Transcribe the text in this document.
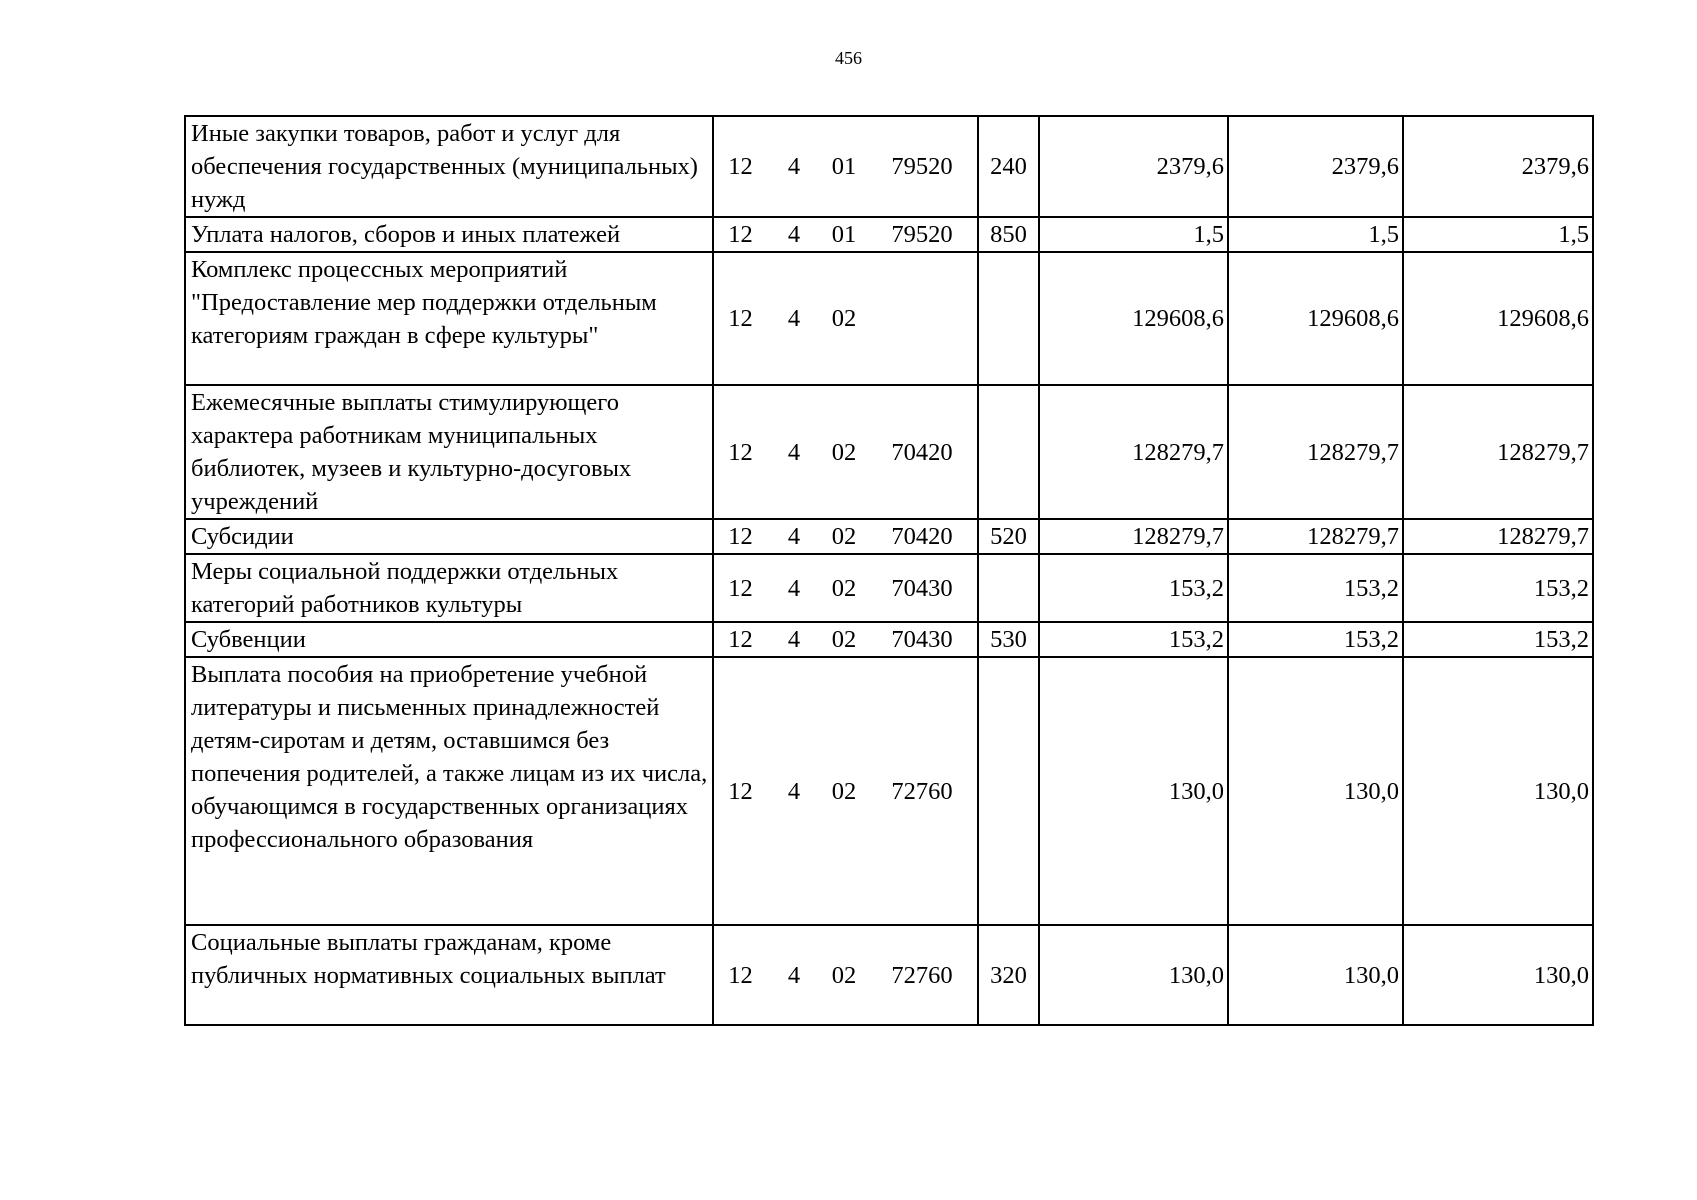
456
Иные закупки товаров, работ и услуг для обеспечения государственных (муниципальных) нужд	12	4	01	79520	240	2379,6	2379,6	2379,6
Уплата налогов, сборов и иных платежей	12	4	01	79520	850	1,5	1,5	1,5
Комплекс процессных мероприятий "Предоставление мер поддержки отдельным категориям граждан в сфере культуры"	12	4	02			129608,6	129608,6	129608,6
Ежемесячные выплаты стимулирующего характера работникам муниципальных библиотек, музеев и культурно-досуговых учреждений	12	4	02	70420		128279,7	128279,7	128279,7
Субсидии	12	4	02	70420	520	128279,7	128279,7	128279,7
Меры социальной поддержки отдельных категорий работников культуры	12	4	02	70430		153,2	153,2	153,2
Субвенции	12	4	02	70430	530	153,2	153,2	153,2
Выплата пособия на приобретение учебной литературы и письменных принадлежностей детям-сиротам и детям, оставшимся без попечения родителей, а также лицам из их числа, обучающимся в государственных организациях профессионального образования	12	4	02	72760		130,0	130,0	130,0
Социальные выплаты гражданам, кроме публичных нормативных социальных выплат	12	4	02	72760	320	130,0	130,0	130,0
